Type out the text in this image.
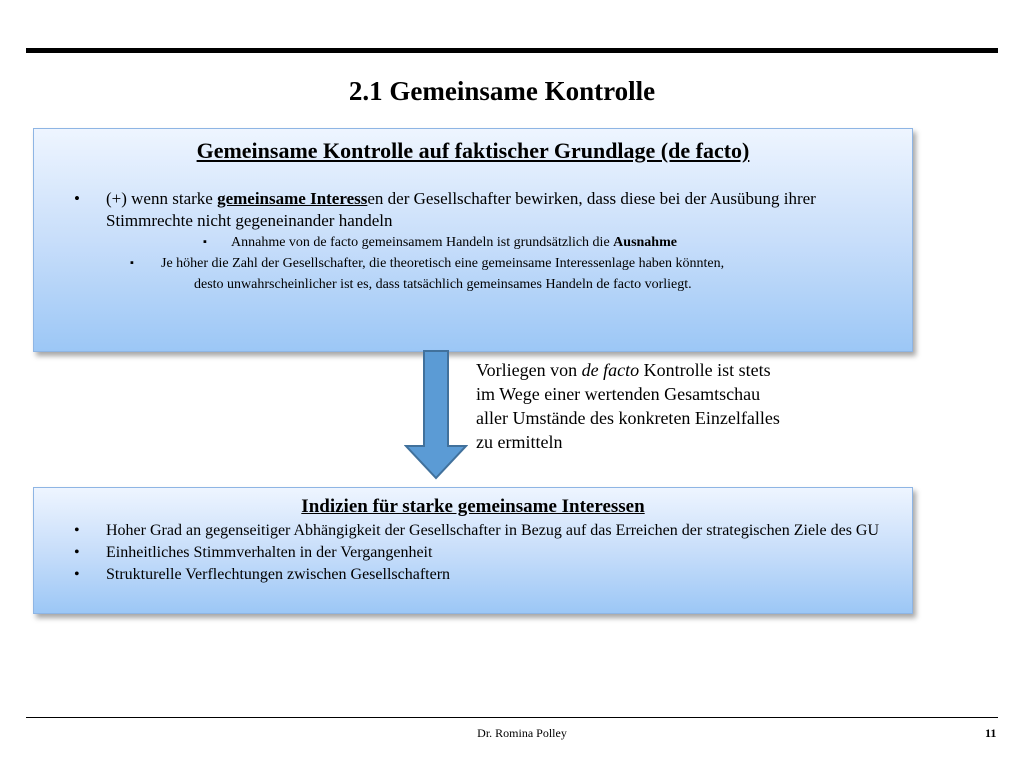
2.1 Gemeinsame Kontrolle
Gemeinsame Kontrolle auf faktischer Grundlage (de facto)
• (+) wenn starke gemeinsame Interessen der Gesellschafter bewirken, dass diese bei der Ausübung ihrer Stimmrechte nicht gegeneinander handeln
▪ Annahme von de facto gemeinsamem Handeln ist grundsätzlich die Ausnahme
▪ Je höher die Zahl der Gesellschafter, die theoretisch eine gemeinsame Interessenlage haben könnten,
desto unwahrscheinlicher ist es, dass tatsächlich gemeinsames Handeln de facto vorliegt.
Vorliegen von de facto Kontrolle ist stets im Wege einer wertenden Gesamtschau aller Umstände des konkreten Einzelfalles zu ermitteln
Indizien für starke gemeinsame Interessen
• Hoher Grad an gegenseitiger Abhängigkeit der Gesellschafter in Bezug auf das Erreichen der strategischen Ziele des GU
• Einheitliches Stimmverhalten in der Vergangenheit
• Strukturelle Verflechtungen zwischen Gesellschaftern
Dr. Romina Polley	11
